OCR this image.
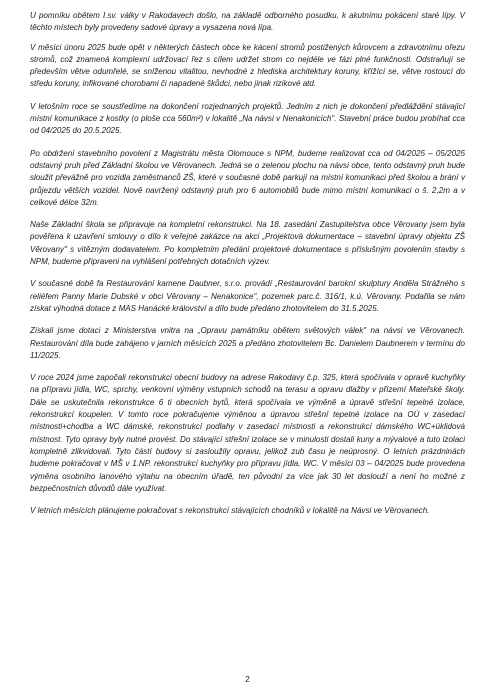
U pomníku obětem I.sv. války v Rakodavech došlo, na základě odborného posudku, k akutnímu pokácení staré lípy. V těchto místech byly provedeny sadové úpravy a vysazena nová lípa.

V měsíci únoru 2025 bude opět v některých částech obce ke kácení stromů postižených kůrovcem a zdravotnímu ořezu stromů, což znamená komplexní udržovací řez s cílem udržet strom co nejdéle ve fázi plné funkčnosti. Odstraňují se především větve odumřelé, se sníženou vitalitou, nevhodné z hlediska architektury koruny, křížící se, větve rostoucí do středu koruny, infikované chorobami či napadené škůdci, nebo jinak rizikové atd.

V letošním roce se soustředíme na dokončení rozjednaných projektů. Jedním z nich je dokončení předláždění stávající místní komunikace z kostky (o ploše cca 560m²) v lokalitě „Na návsi v Nenakonicích". Stavební práce budou probíhat cca od 04/2025 do 20.5.2025.

Po obdržení stavebního povolení z Magistrátu města Olomouce s NPM, budeme realizovat cca od 04/2025 – 05/2025 odstavný pruh před Základní školou ve Věrovanech. Jedná se o zelenou plochu na návsi obce, tento odstavný pruh bude sloužit převážně pro vozidla zaměstnanců ZŠ, které v současné době parkují na místní komunikaci před školou a brání v průjezdu větších vozidel. Nově navržený odstavný pruh pro 6 automobilů bude mimo místní komunikaci o š. 2,2m a v celkové délce 32m.

Naše Základní škola se připravuje na kompletní rekonstrukci. Na 18. zasedání Zastupitelstva obce Věrovany jsem byla pověřena k uzavření smlouvy o dílo k veřejné zakázce na akci „Projektová dokumentace – stavební úpravy objektu ZŠ Věrovany" s vítězným dodavatelem. Po kompletním předání projektové dokumentace s příslušným povolením stavby s NPM, budeme připraveni na vyhlášení potřebných dotačních výzev.

V současné době fa Restaurování kamene Daubner, s.r.o. provádí „Restaurování barokní skulptury Anděla Strážného s reliéfem Panny Marie Dubské v obci Věrovany – Nenakonice", pozemek parc.č. 316/1, k.ú. Věrovany. Podařila se nám získat výhodná dotace z MAS Hanácké království a dílo bude předáno zhotovitelem do 31.5.2025.

Získali jsme dotaci z Ministerstva vnitra na „Opravu památníku obětem světových válek" na návsi ve Věrovanech. Restaurování díla bude zahájeno v jarních měsících 2025 a předáno zhotovitelem Bc. Danielem Daubnerem v termínu do 11/2025.

V roce 2024 jsme započali rekonstrukci obecní budovy na adrese Rakodavy č.p. 325, která spočívala v opravě kuchyňky na přípravu jídla, WC, sprchy, venkovní výměny vstupních schodů na terasu a opravu dlažby v přízemí Mateřské školy. Dále se uskutečnila rekonstrukce 6 ti obecních bytů, která spočívala ve výměně a úpravě střešní tepelné izolace, rekonstrukcí koupelen. V tomto roce pokračujeme výměnou a úpravou střešní tepelné izolace na OÚ v zasedací místnosti+chodba a WC dámské, rekonstrukcí podlahy v zasedací místnosti a rekonstrukcí dámského WC+úklidová místnost. Tyto opravy byly nutné provést. Do stávající střešní izolace se v minulosti dostali kuny a mývalové a tuto izolaci kompletně zlikvidovali. Tyto částí budovy si zasloužily opravu, jelikož zub času je neúprosný. O letních prázdninách budeme pokračovat v MŠ v 1.NP. rekonstrukcí kuchyňky pro přípravu jídla, WC. V měsíci 03 – 04/2025 bude provedena výměna osobního lanového výtahu na obecním úřadě, ten původní za více jak 30 let doslouží a není ho možné z bezpečnostních důvodů dále využívat.

V letních měsících plánujeme pokračovat s rekonstrukcí stávajících chodníků v lokalitě na Návsi ve Věrovanech.

2
